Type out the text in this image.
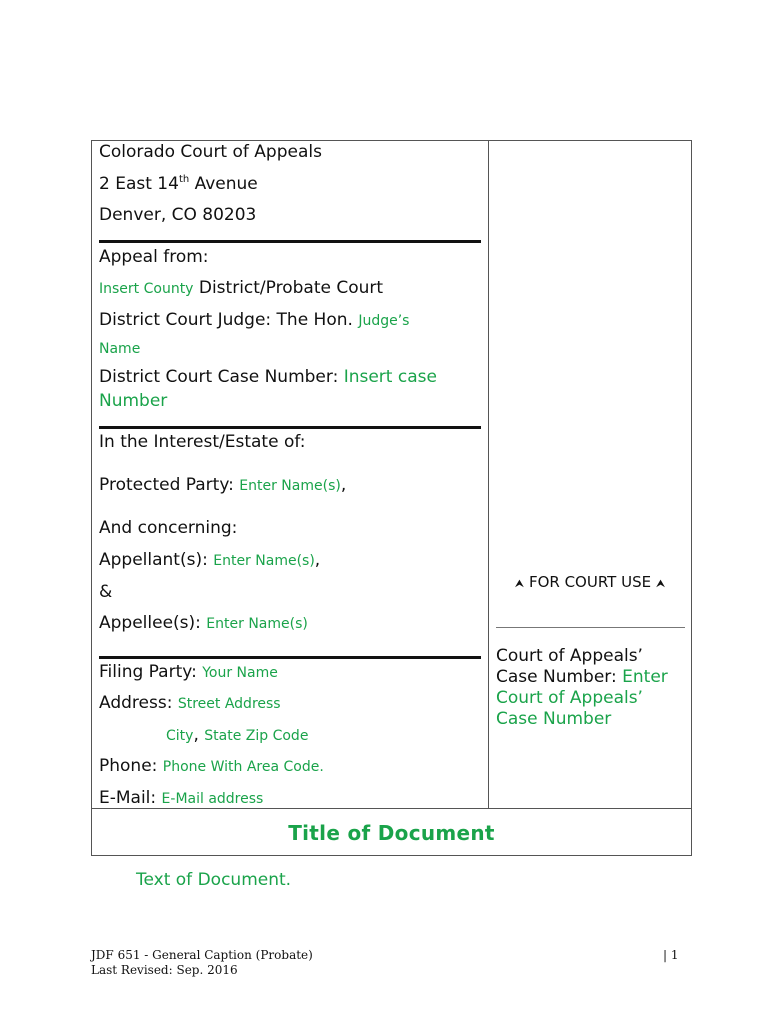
Colorado Court of Appeals
2 East 14th Avenue
Denver, CO 80203
Appeal from:
Insert County District/Probate Court
District Court Judge: The Hon. Judge’s
Name
District Court Case Number: Insert case
Number
In the Interest/Estate of:
Protected Party: Enter Name(s),
And concerning:
Appellant(s): Enter Name(s),
&
Appellee(s): Enter Name(s)
Filing Party: Your Name
Address: Street Address
City, State Zip Code
Phone: Phone With Area Code.
E-Mail: E-Mail address
⮝ FOR COURT USE ⮝
Court of Appeals’
Case Number: Enter
Court of Appeals’
Case Number
Title of Document
Text of Document.
JDF 651 - General Caption (Probate)
Last Revised: Sep. 2016
| 1
